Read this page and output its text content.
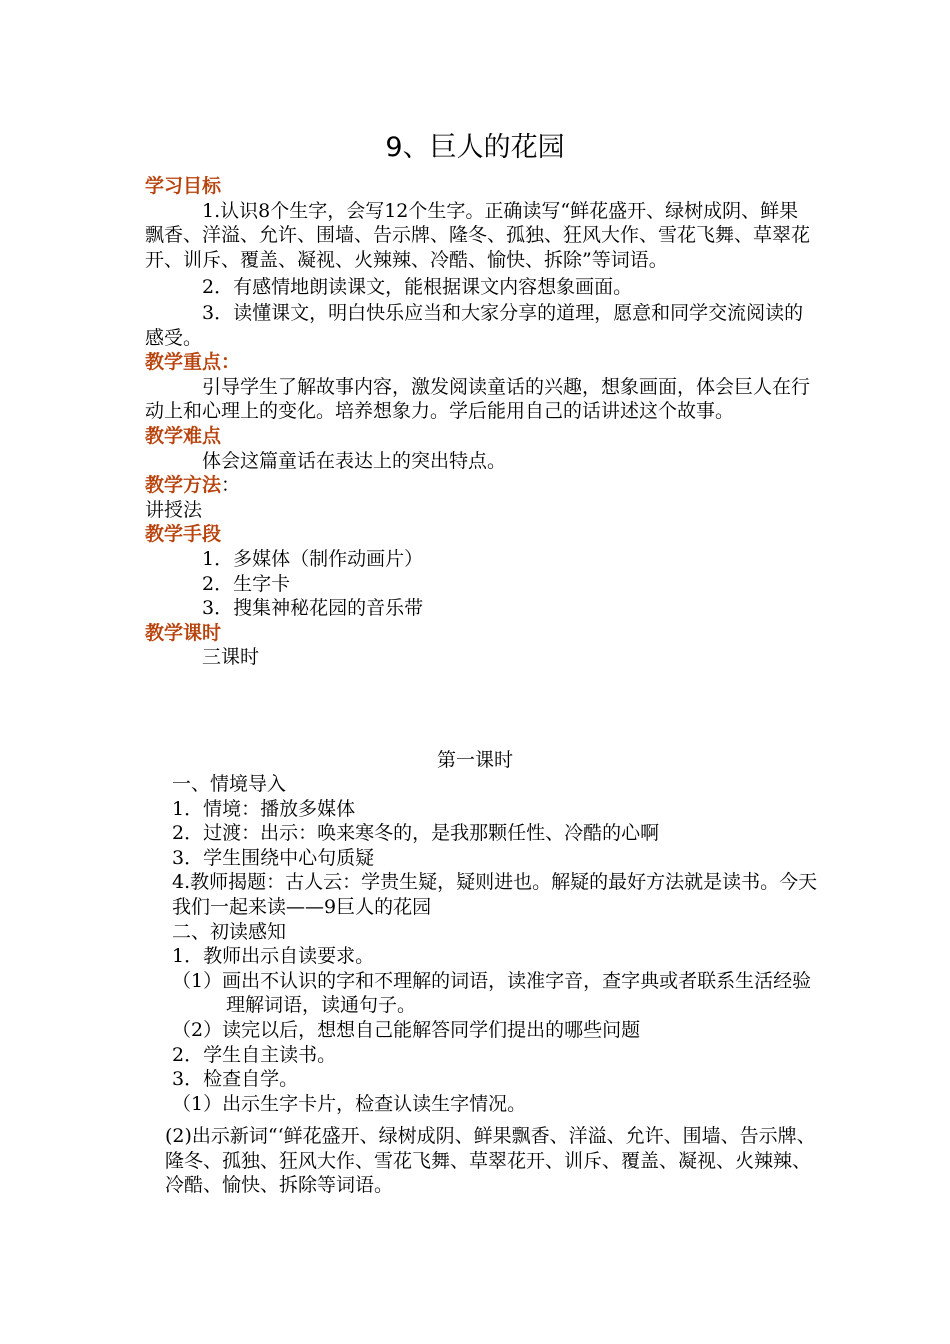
9、巨人的花园
学习目标

1.认识8个生字，会写12个生字。正确读写“鲜花盛开、绿树成阴、鲜果飘香、洋溢、允许、围墙、告示牌、隆冬、孤独、狂风大作、雪花飞舞、草翠花开、训斥、覆盖、凝视、火辣辣、冷酷、愉快、拆除”等词语。

2．有感情地朗读课文，能根据课文内容想象画面。

3．读懂课文，明白快乐应当和大家分享的道理，愿意和同学交流阅读的感受。

教学重点：

引导学生了解故事内容，激发阅读童话的兴趣，想象画面，体会巨人在行动上和心理上的变化。培养想象力。学后能用自己的话讲述这个故事。

教学难点

体会这篇童话在表达上的突出特点。

教学方法：

讲授法

教学手段

1．多媒体（制作动画片）

2．生字卡

3．搜集神秘花园的音乐带

教学课时

三课时

第一课时

一、情境导入

1．情境：播放多媒体

2．过渡：出示：唤来寒冬的，是我那颗任性、冷酷的心啊

3．学生围绕中心句质疑

4.教师揭题：古人云：学贵生疑，疑则进也。解疑的最好方法就是读书。今天我们一起来读——9巨人的花园

二、初读感知

1．教师出示自读要求。

（1）画出不认识的字和不理解的词语，读准字音，查字典或者联系生活经验理解词语，读通句子。

（2）读完以后，想想自己能解答同学们提出的哪些问题

2．学生自主读书。

3．检查自学。

（1）出示生字卡片，检查认读生字情况。

(2)出示新词“‘鲜花盛开、绿树成阴、鲜果飘香、洋溢、允许、围墙、告示牌、隆冬、孤独、狂风大作、雪花飞舞、草翠花开、训斥、覆盖、凝视、火辣辣、冷酷、愉快、拆除等词语。
